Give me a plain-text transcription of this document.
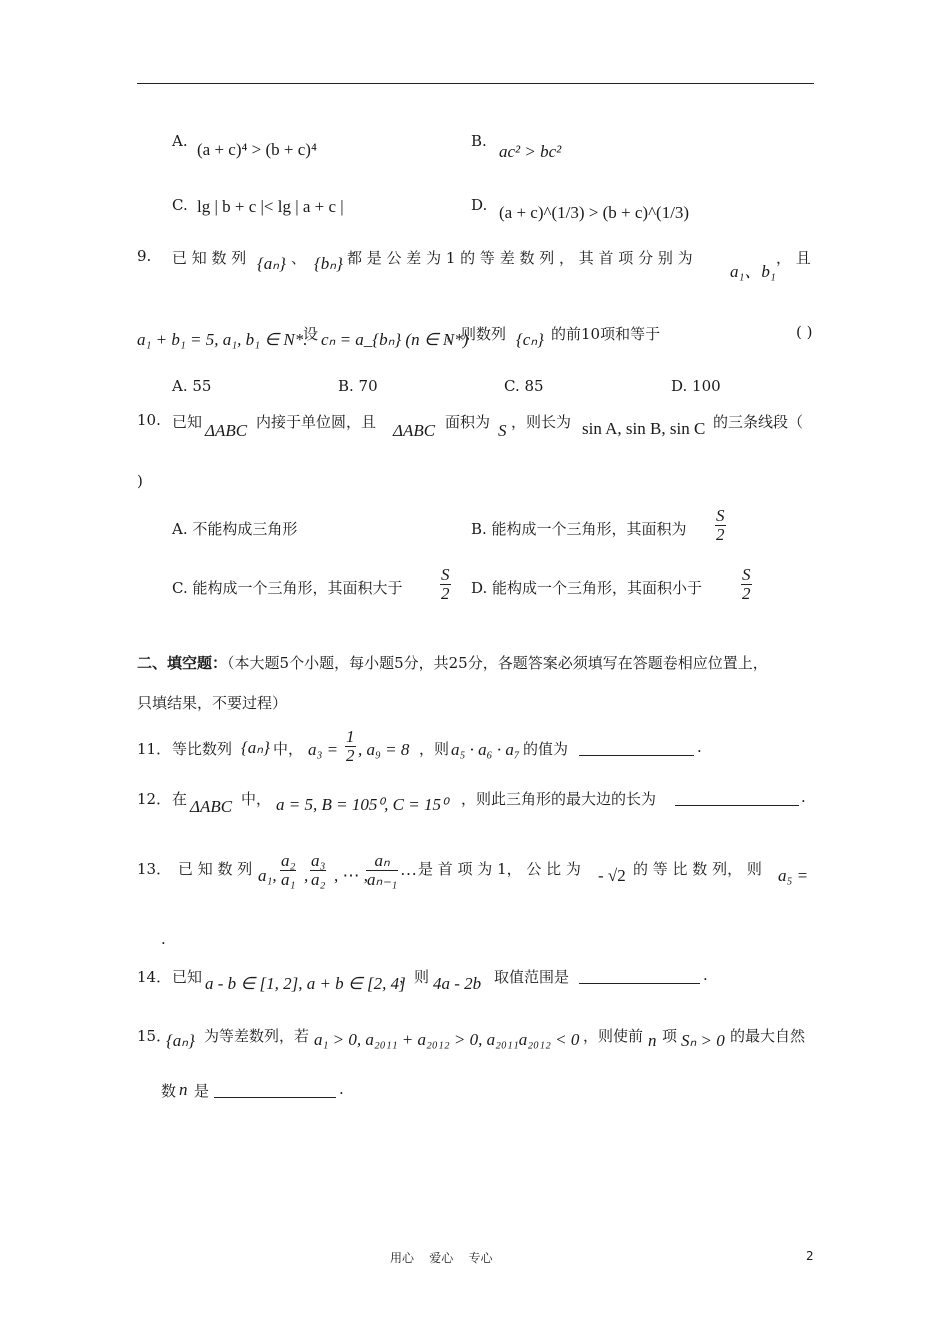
A. (a + c)⁴ > (b + c)⁴	B.
ac² > bc²
C. lg | b + c |< lg | a + c |	D. (a + c)^(1/3) > (b + c)^(1/3)
9. 已 知 数 列 {aₙ} 、 {bₙ} 都 是 公 差 为 1 的 等 差 数 列 ， 其 首 项 分 别 为
a₁、b₁
， 且
a₁ + b₁ = 5, a₁, b₁ ∈ N*.
设 cₙ = a_{bₙ} (n ∈ N*)
，则数列 {cₙ} 的前10项和等于	( )
A. 55	B. 70	C. 85	D. 100
10. 已知 ΔABC 内接于单位圆，且 ΔABC 面积为 S ，则长为 sin A, sin B, sin C 的三条线段（
)
A. 不能构成三角形	B. 能构成一个三角形，其面积为 $\frac{S}{2}$
C. 能构成一个三角形，其面积大于 $\frac{S}{2} D$. 能构成一个三角形，其面积小于 $\frac{S}{2}$
二、填空题：（本大题5个小题，每小题5分，共25分，各题答案必须填写在答题卷相应位置上，
只填结果，不要过程）
11． 等比数列 {aₙ} 中， $a_3 = \frac{1}{2}$ , a₉ = 8 ，则 a₅ · a₆ · a₇ 的值为	.
12． 在 ΔABC 中， a = 5, B = 105⁰, C = 15⁰ ，则此三角形的最大边的长为	.
13． 已 知 数 列 a₁, $\frac{\text{a₂}}{\text{a₁}}$ , $\frac{\text{a₃}}{\text{a₂}}$ , ⋯ ,
$\frac{\text{aₙ}}{\text{aₙ₋₁}}$ … 是 首 项 为 1， 公 比 为 - √2 的 等 比 数 列， 则 a₅ =
.
14． 已知 a - b ∈ [1, 2], a + b ∈ [2, 4]
，则 4a - 2b 取值范围是	.
15．
{aₙ} 为等差数列，若 a₁ > 0, a₂₀₁₁ + a₂₀₁₂ > 0, a₂₀₁₁a₂₀₁₂ < 0 ，则使前 n 项 Sₙ > 0 的最大自然
数 n 是	.
用心    爱心    专心	2
